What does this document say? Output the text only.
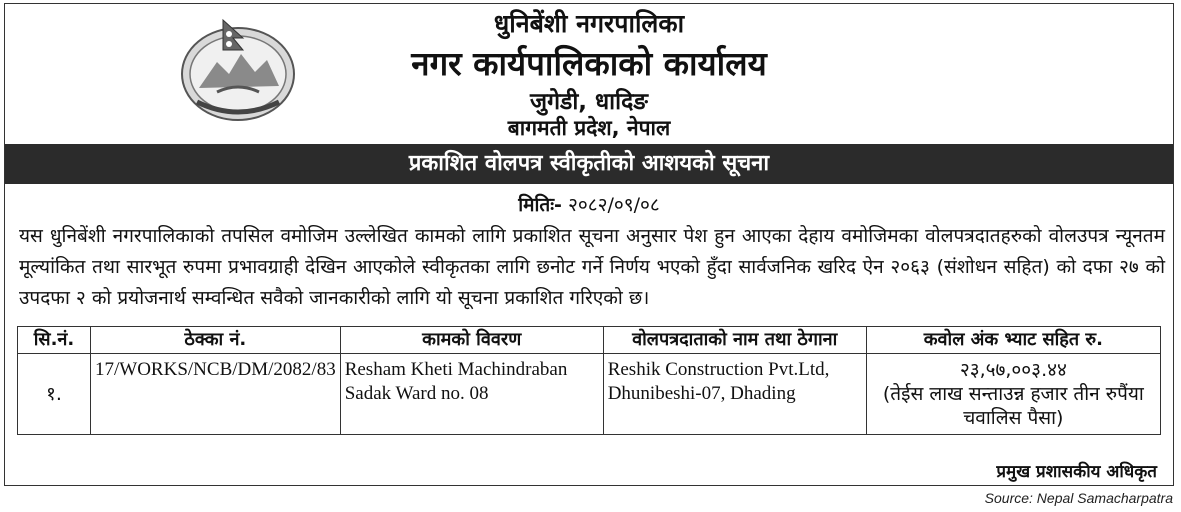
धुनिबेंशी नगरपालिका
नगर कार्यपालिकाको कार्यालय
जुगेडी, धादिङ
बागमती प्रदेश, नेपाल
प्रकाशित वोलपत्र स्वीकृतीको आशयको सूचना
मितिः- २०८२/०९/०८
यस धुनिबेंशी नगरपालिकाको तपसिल वमोजिम उल्लेखित कामको लागि प्रकाशित सूचना अनुसार पेश हुन आएका देहाय वमोजिमका वोलपत्रदातहरुको वोलउपत्र न्यूनतम मूल्यांकित तथा सारभूत रुपमा प्रभावग्राही देखिन आएकोले स्वीकृतका लागि छनोट गर्ने निर्णय भएको हुँदा सार्वजनिक खरिद ऐन २०६३ (संशोधन सहित) को दफा २७ को उपदफा २ को प्रयोजनार्थ सम्वन्धित सवैको जानकारीको लागि यो सूचना प्रकाशित गरिएको छ।
सि.नं.	ठेक्का नं.	कामको विवरण	वोलपत्रदाताको नाम तथा ठेगाना	कवोल अंक भ्याट सहित रु.
१.	17/WORKS/NCB/DM/2082/83	Resham Kheti Machindraban Sadak Ward no. 08	Reshik Construction Pvt.Ltd, Dhunibeshi-07, Dhading	२३,५७,००३.४४
(तेईस लाख सन्ताउन्न हजार तीन रुपैंया चवालिस पैसा)
प्रमुख प्रशासकीय अधिकृत
Source: Nepal Samacharpatra
